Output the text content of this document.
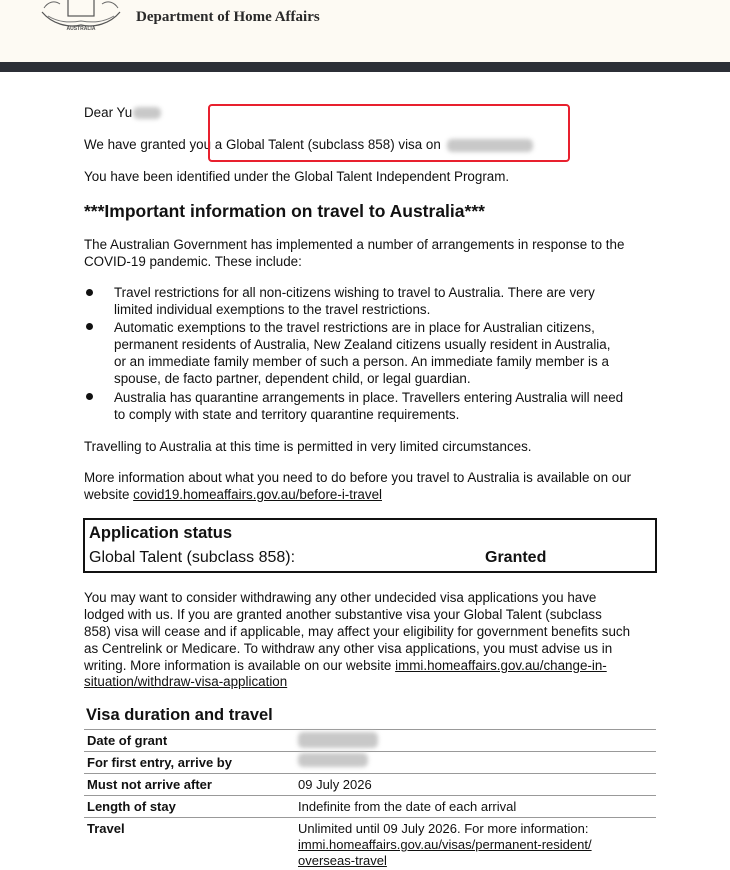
AUSTRALIA
Department of Home Affairs
Dear Yu
We have granted you a Global Talent (subclass 858) visa on
You have been identified under the Global Talent Independent Program.
***Important information on travel to Australia***
The Australian Government has implemented a number of arrangements in response to the
COVID-19 pandemic. These include:
Travel restrictions for all non-citizens wishing to travel to Australia. There are very
limited individual exemptions to the travel restrictions.
Automatic exemptions to the travel restrictions are in place for Australian citizens,
permanent residents of Australia, New Zealand citizens usually resident in Australia,
or an immediate family member of such a person. An immediate family member is a
spouse, de facto partner, dependent child, or legal guardian.
Australia has quarantine arrangements in place. Travellers entering Australia will need
to comply with state and territory quarantine requirements.
Travelling to Australia at this time is permitted in very limited circumstances.
More information about what you need to do before you travel to Australia is available on our
website covid19.homeaffairs.gov.au/before-i-travel
Application status
Global Talent (subclass 858):	Granted
You may want to consider withdrawing any other undecided visa applications you have
lodged with us. If you are granted another substantive visa your Global Talent (subclass
858) visa will cease and if applicable, may affect your eligibility for government benefits such
as Centrelink or Medicare. To withdraw any other visa applications, you must advise us in
writing. More information is available on our website immi.homeaffairs.gov.au/change-in-
situation/withdraw-visa-application
Visa duration and travel
Date of grant
For first entry, arrive by
Must not arrive after	09 July 2026
Length of stay	Indefinite from the date of each arrival
Travel	Unlimited until 09 July 2026. For more information:
immi.homeaffairs.gov.au/visas/permanent-resident/
overseas-travel
